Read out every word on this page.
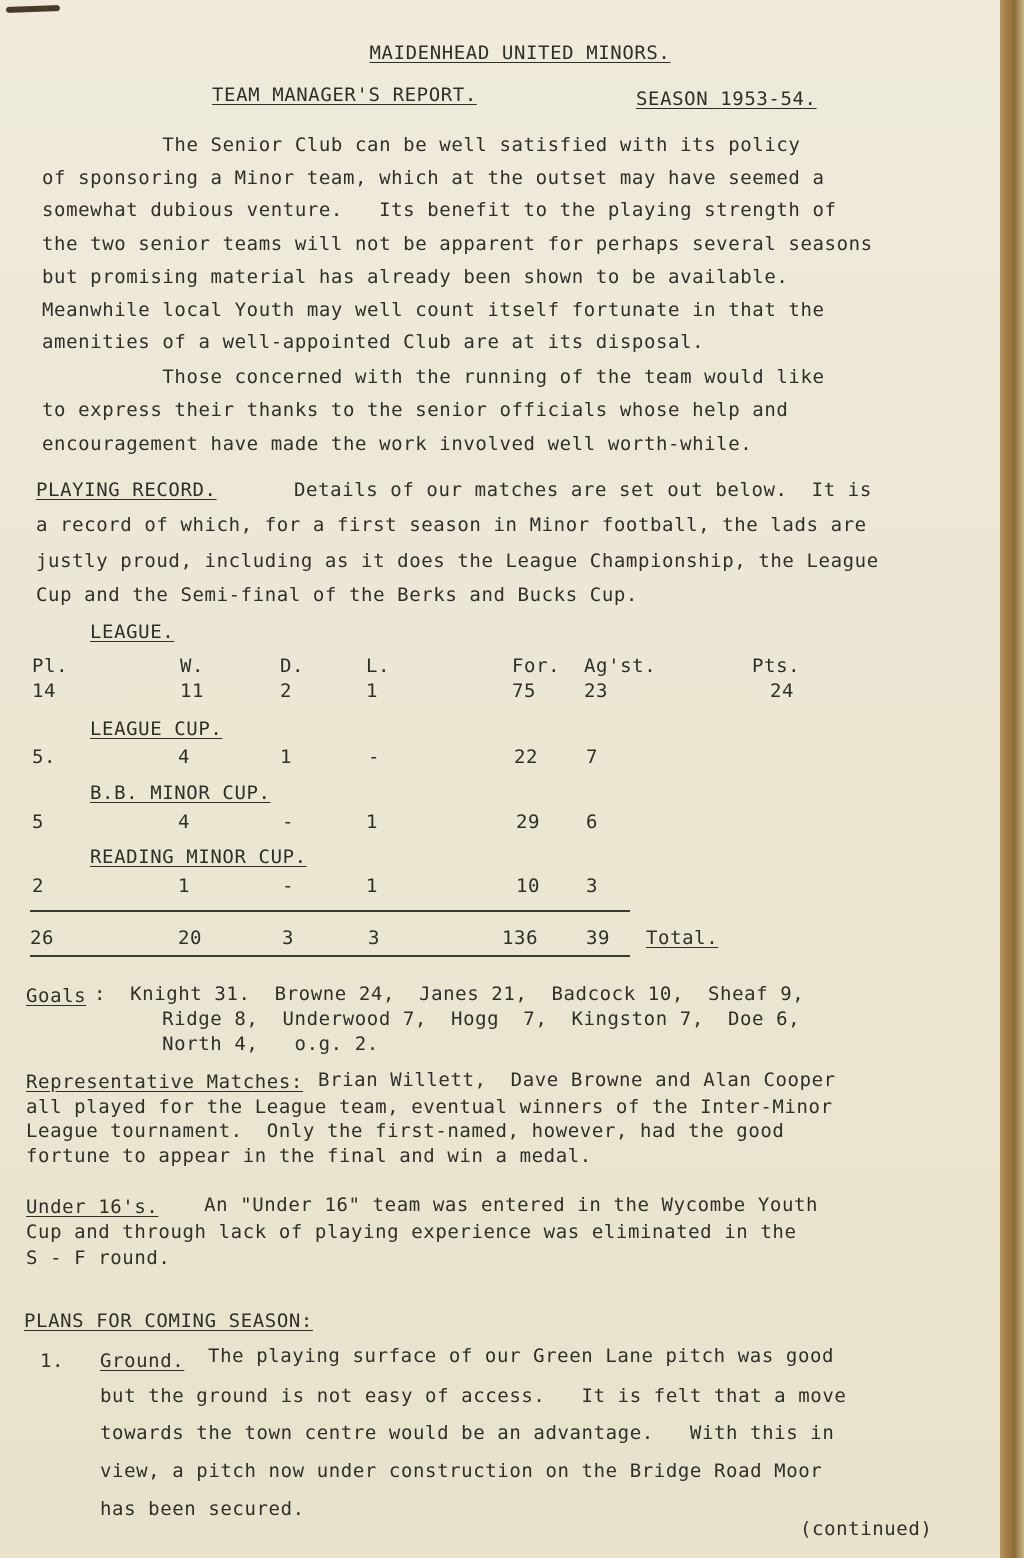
MAIDENHEAD UNITED MINORS.
TEAM MANAGER'S REPORT.	SEASON 1953-54.
The Senior Club can be well satisfied with its policy
of sponsoring a Minor team, which at the outset may have seemed a
somewhat dubious venture.   Its benefit to the playing strength of
the two senior teams will not be apparent for perhaps several seasons
but promising material has already been shown to be available.
Meanwhile local Youth may well count itself fortunate in that the
amenities of a well-appointed Club are at its disposal.
Those concerned with the running of the team would like
to express their thanks to the senior officials whose help and
encouragement have made the work involved well worth-while.
PLAYING RECORD.	Details of our matches are set out below.  It is
a record of which, for a first season in Minor football, the lads are
justly proud, including as it does the League Championship, the League
Cup and the Semi-final of the Berks and Bucks Cup.
LEAGUE.
Pl.	W.	D.	L.	For. Ag'st.	Pts.
14	11	2	1	75	23	24
LEAGUE CUP.
5.	4	1	-	22	7
B.B. MINOR CUP.
5	4	-	1	29 6
READING MINOR CUP.
2	1	-	1	10 3
26	20	3	3	136	39 Total.
Goals :  Knight 31.  Browne 24,  Janes 21,  Badcock 10,  Sheaf 9,
Ridge 8,  Underwood 7,  Hogg  7,  Kingston 7,  Doe 6,
North 4,   o.g. 2.
Representative Matches: Brian Willett,  Dave Browne and Alan Cooper
all played for the League team, eventual winners of the Inter-Minor
League tournament.  Only the first-named, however, had the good
fortune to appear in the final and win a medal.
Under 16's. An "Under 16" team was entered in the Wycombe Youth
Cup and through lack of playing experience was eliminated in the
S - F round.
PLANS FOR COMING SEASON:
1. Ground. The playing surface of our Green Lane pitch was good
but the ground is not easy of access.   It is felt that a move
towards the town centre would be an advantage.   With this in
view, a pitch now under construction on the Bridge Road Moor
has been secured.
(continued)
